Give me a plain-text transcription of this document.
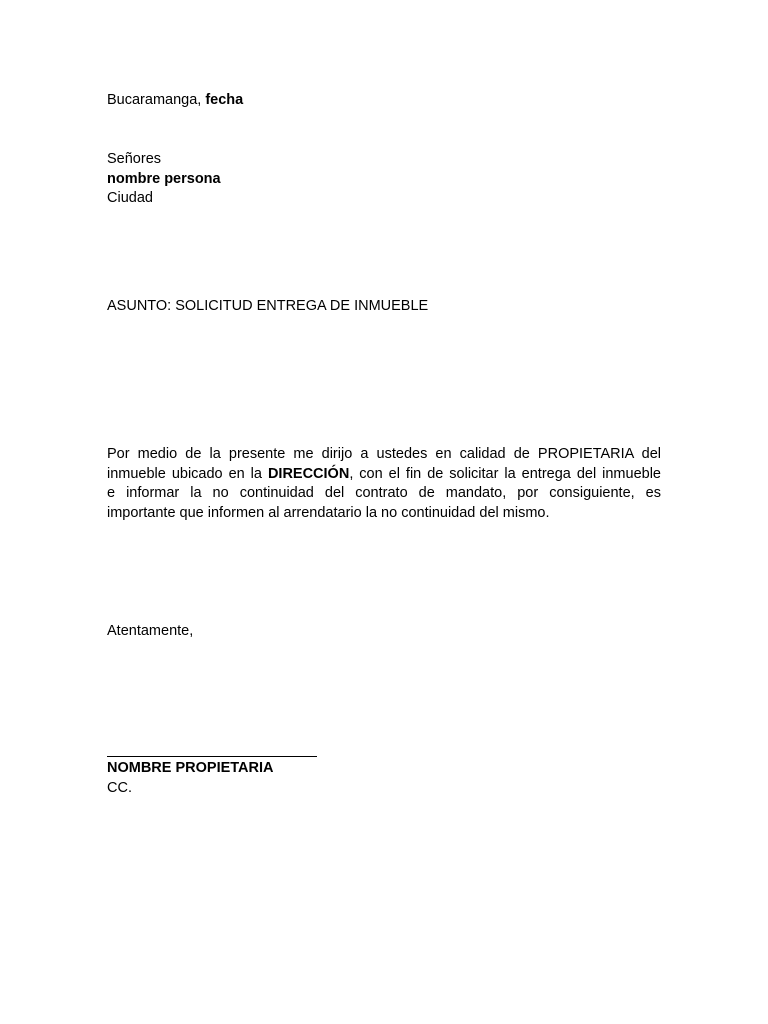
Bucaramanga, fecha
Señores
nombre persona
Ciudad
ASUNTO: SOLICITUD ENTREGA DE INMUEBLE
Por medio de la presente me dirijo a ustedes en calidad de PROPIETARIA del
inmueble ubicado en la DIRECCIÓN, con el fin de solicitar la entrega del inmueble
e informar la no continuidad del contrato de mandato, por consiguiente, es
importante que informen al arrendatario la no continuidad del mismo.
Atentamente,
NOMBRE PROPIETARIA
CC.
